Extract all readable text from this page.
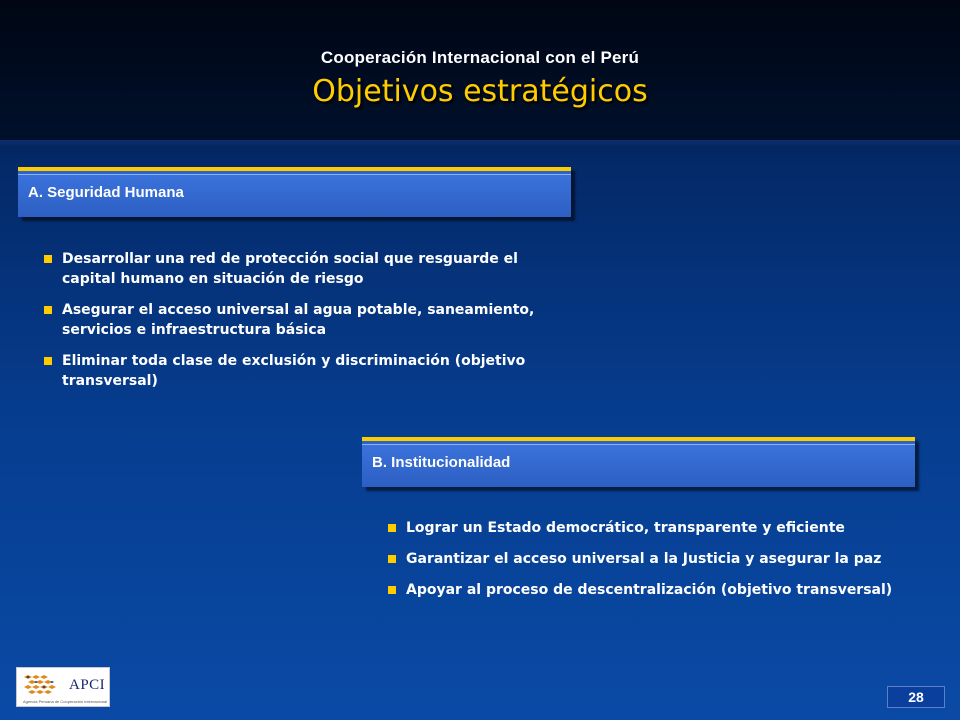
Cooperación Internacional con el Perú
Objetivos estratégicos
A. Seguridad Humana
Desarrollar una red de protección social que resguarde el capital humano en situación de riesgo
Asegurar el acceso universal al agua potable, saneamiento, servicios e infraestructura básica
Eliminar toda clase de exclusión y discriminación (objetivo transversal)
B. Institucionalidad
Lograr un Estado democrático, transparente y eficiente
Garantizar el acceso universal a la Justicia y asegurar la paz
Apoyar al proceso de descentralización (objetivo transversal)
APCI
Agencia Peruana de Cooperación Internacional	28
